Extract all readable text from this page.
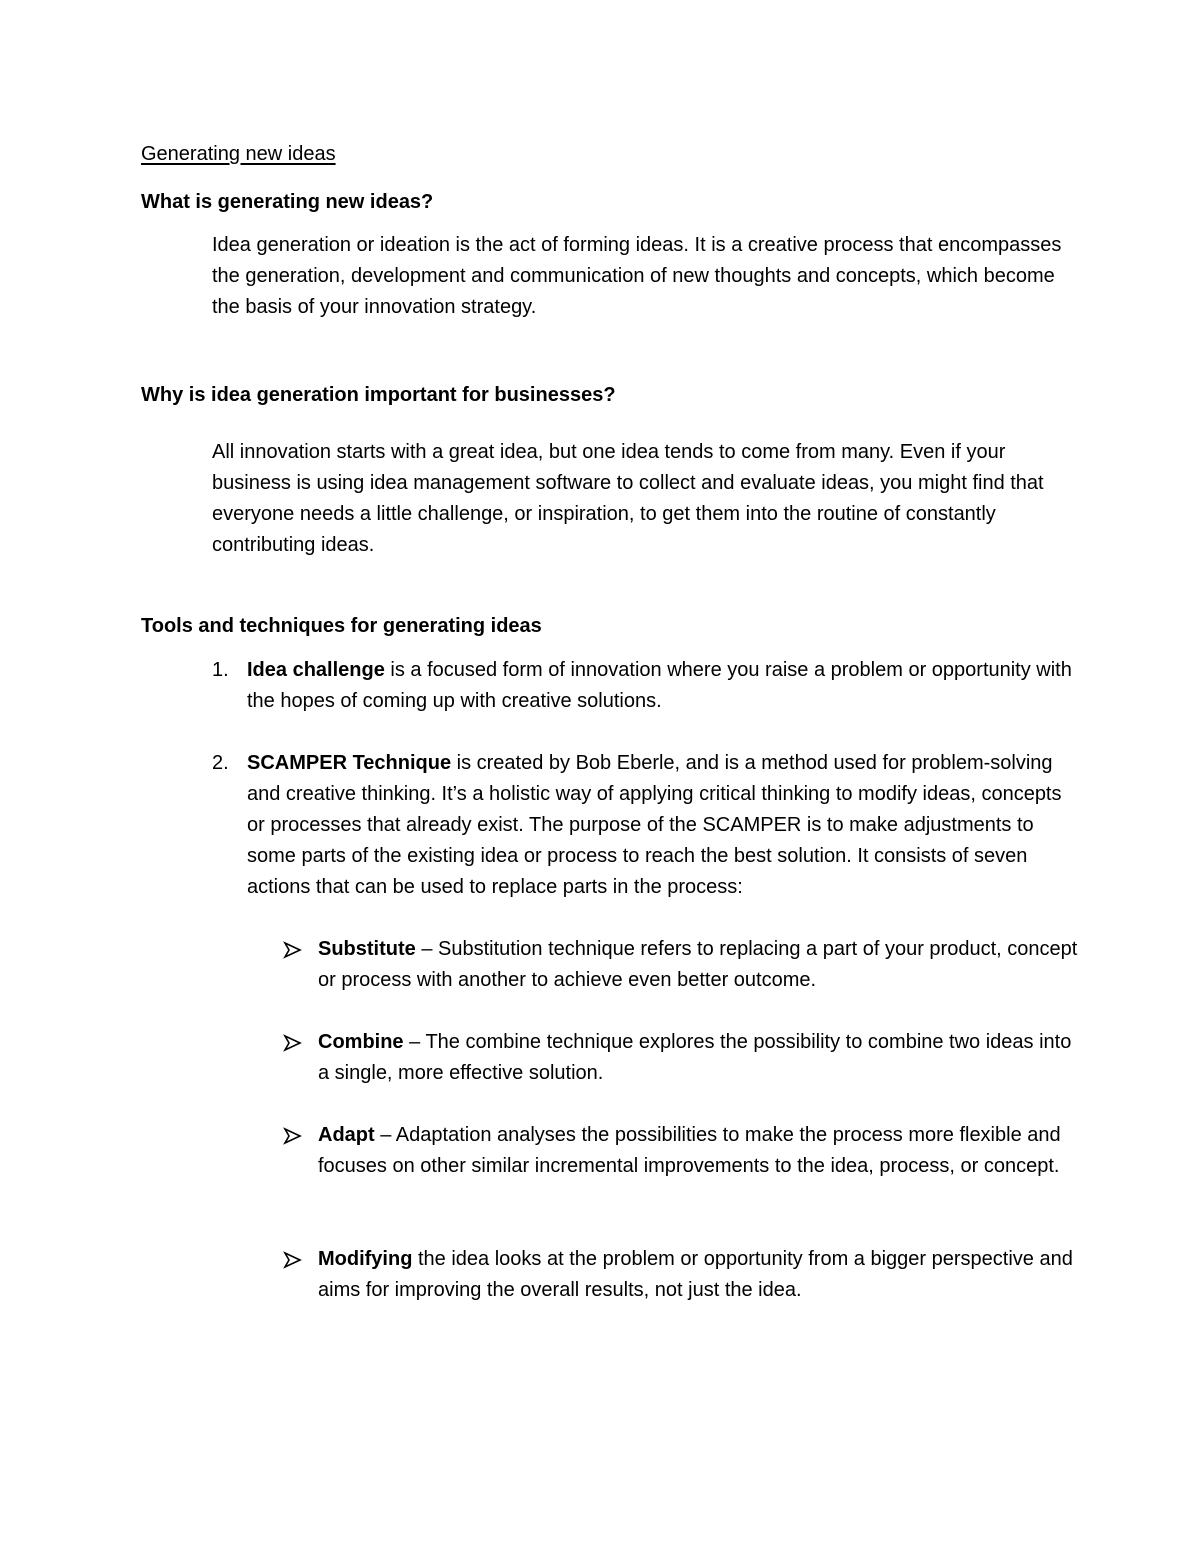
Generating new ideas
What is generating new ideas?

Idea generation or ideation is the act of forming ideas. It is a creative process that encompasses the generation, development and communication of new thoughts and concepts, which become the basis of your innovation strategy.

Why is idea generation important for businesses?

All innovation starts with a great idea, but one idea tends to come from many. Even if your business is using idea management software to collect and evaluate ideas, you might find that everyone needs a little challenge, or inspiration, to get them into the routine of constantly contributing ideas.

Tools and techniques for generating ideas
1. Idea challenge is a focused form of innovation where you raise a problem or opportunity with the hopes of coming up with creative solutions.
2. SCAMPER Technique is created by Bob Eberle, and is a method used for problem-solving and creative thinking. It’s a holistic way of applying critical thinking to modify ideas, concepts or processes that already exist. The purpose of the SCAMPER is to make adjustments to some parts of the existing idea or process to reach the best solution. It consists of seven actions that can be used to replace parts in the process:
Substitute – Substitution technique refers to replacing a part of your product, concept or process with another to achieve even better outcome.
Combine – The combine technique explores the possibility to combine two ideas into a single, more effective solution.
Adapt – Adaptation analyses the possibilities to make the process more flexible and focuses on other similar incremental improvements to the idea, process, or concept.
Modifying the idea looks at the problem or opportunity from a bigger perspective and aims for improving the overall results, not just the idea.
